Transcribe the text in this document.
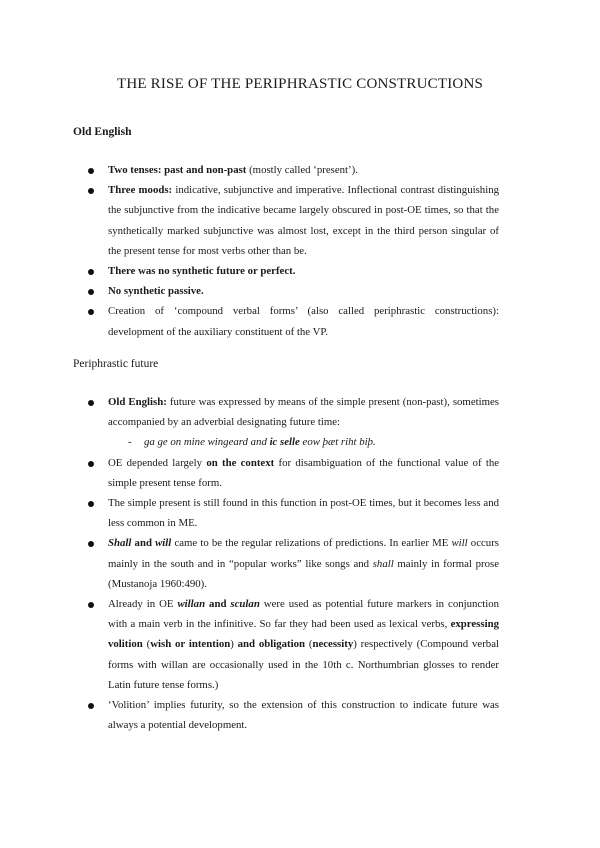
THE RISE OF THE PERIPHRASTIC CONSTRUCTIONS
Old English
Two tenses: past and non-past (mostly called ‘present’).
Three moods: indicative, subjunctive and imperative. Inflectional contrast distinguishing the subjunctive from the indicative became largely obscured in post-OE times, so that the synthetically marked subjunctive was almost lost, except in the third person singular of the present tense for most verbs other than be.
There was no synthetic future or perfect.
No synthetic passive.
Creation of ‘compound verbal forms’ (also called periphrastic constructions): development of the auxiliary constituent of the VP.
Periphrastic future
Old English: future was expressed by means of the simple present (non-past), sometimes accompanied by an adverbial designating future time:
- ga ge on mine wingeard and ic selle eow þæt riht biþ.
OE depended largely on the context for disambiguation of the functional value of the simple present tense form.
The simple present is still found in this function in post-OE times, but it becomes less and less common in ME.
Shall and will came to be the regular relizations of predictions. In earlier ME will occurs mainly in the south and in “popular works” like songs and shall mainly in formal prose (Mustanoja 1960:490).
Already in OE willan and sculan were used as potential future markers in conjunction with a main verb in the infinitive. So far they had been used as lexical verbs, expressing volition (wish or intention) and obligation (necessity) respectively (Compound verbal forms with willan are occasionally used in the 10th c. Northumbrian glosses to render Latin future tense forms.)
‘Volition’ implies futurity, so the extension of this construction to indicate future was always a potential development.
